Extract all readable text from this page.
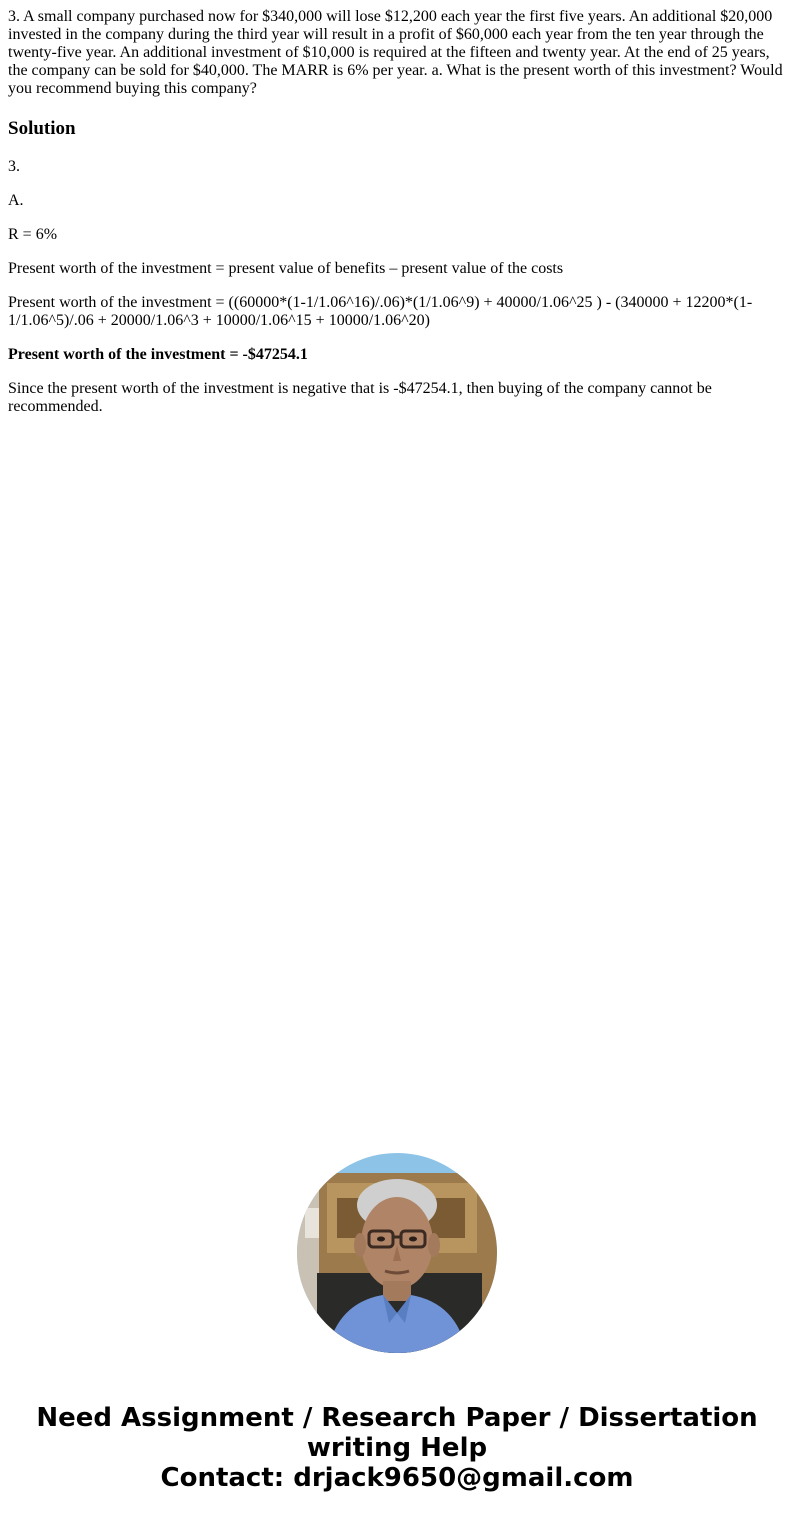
3. A small company purchased now for $340,000 will lose $12,200 each year the first five years. An additional $20,000 invested in the company during the third year will result in a profit of $60,000 each year from the ten year through the twenty-five year. An additional investment of $10,000 is required at the fifteen and twenty year. At the end of 25 years, the company can be sold for $40,000. The MARR is 6% per year. a. What is the present worth of this investment? Would you recommend buying this company?

Solution

3.

A.

R = 6%

Present worth of the investment = present value of benefits – present value of the costs

Present worth of the investment = ((60000*(1-1/1.06^16)/.06)*(1/1.06^9) + 40000/1.06^25 ) - (340000 + 12200*(1-1/1.06^5)/.06 + 20000/1.06^3 + 10000/1.06^15 + 10000/1.06^20)

Present worth of the investment = -$47254.1

Since the present worth of the investment is negative that is -$47254.1, then buying of the company cannot be recommended.

Need Assignment / Research Paper / Dissertation
writing Help
Contact: drjack9650@gmail.com
